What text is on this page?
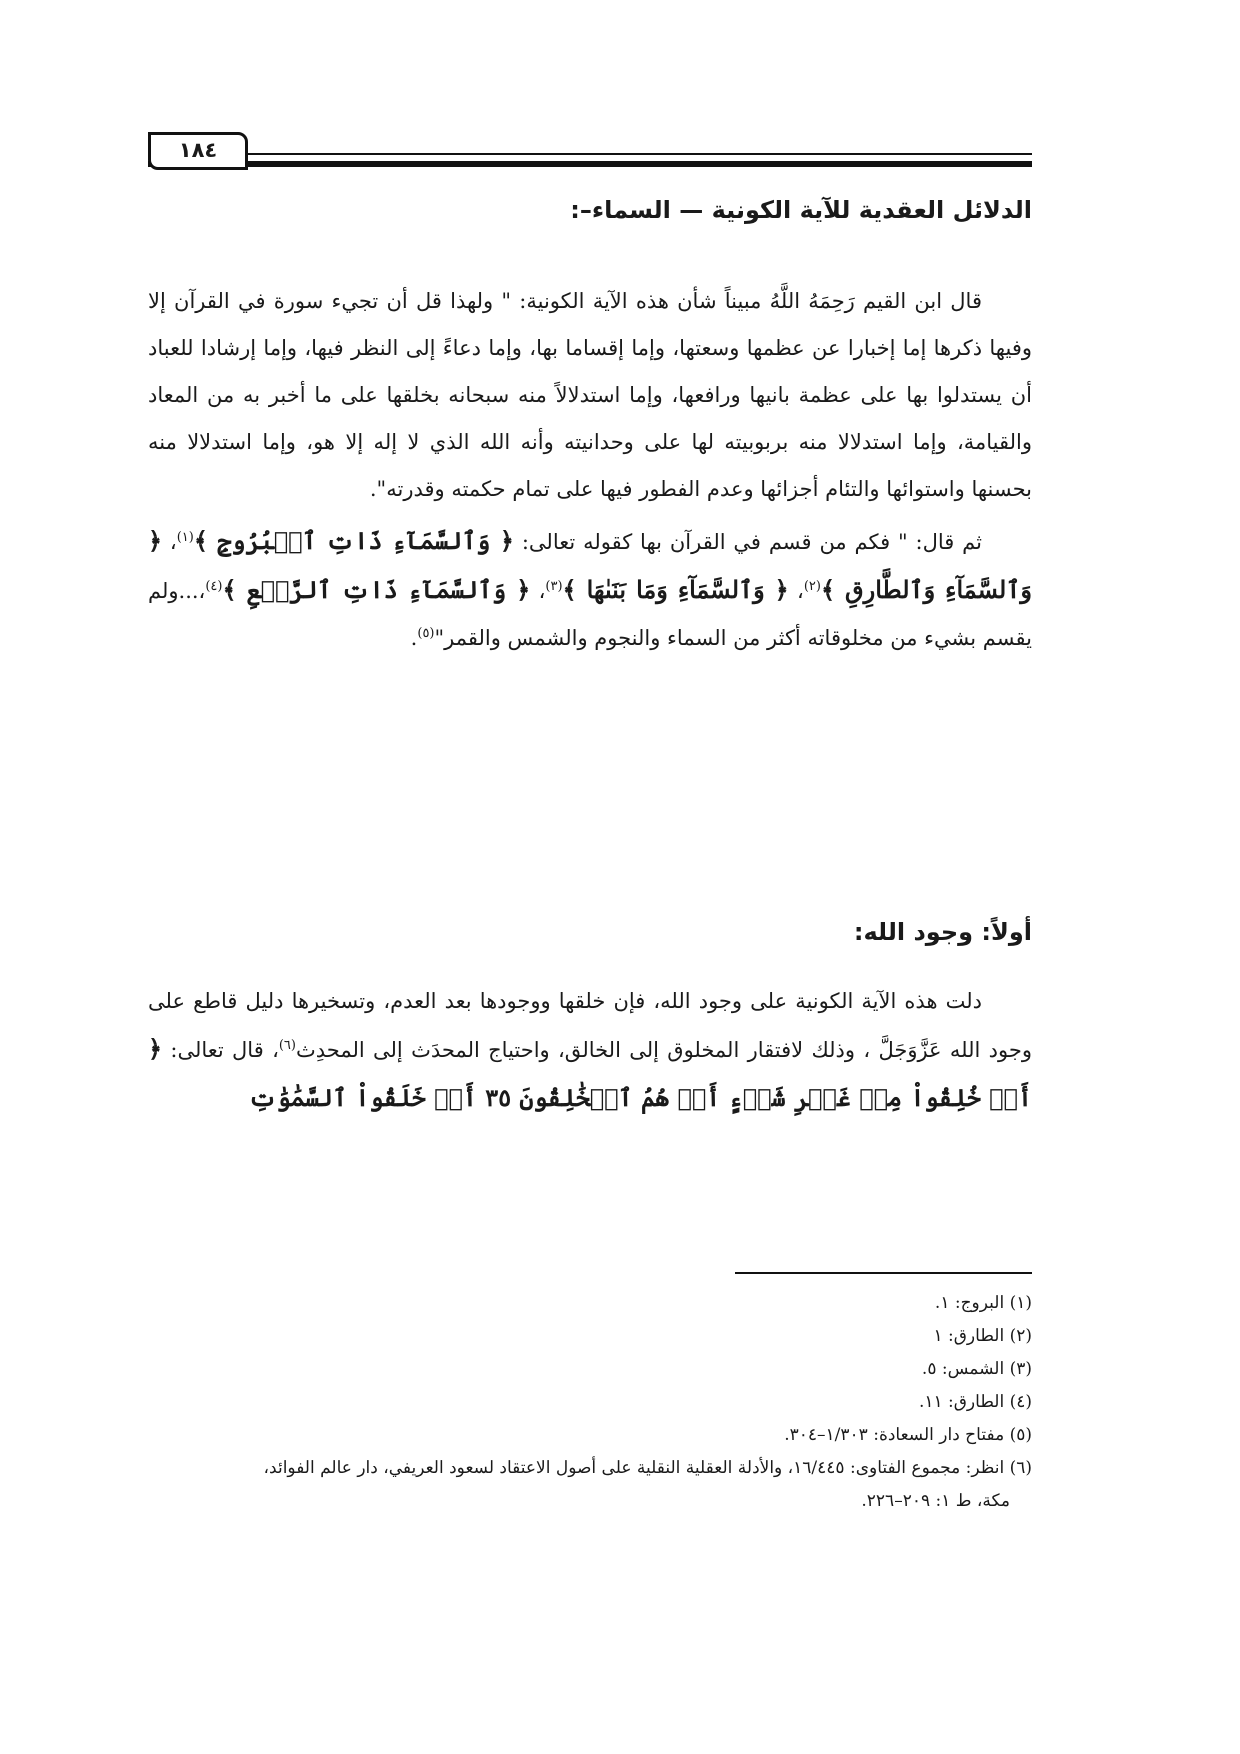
١٨٤
الدلائل العقدية للآية الكونية — السماء–:

قال ابن القيم رَحِمَهُ اللَّهُ مبيناً شأن هذه الآية الكونية: " ولهذا قل أن تجيء سورة في القرآن إلا وفيها ذكرها إما إخبارا عن عظمها وسعتها، وإما إقساما بها، وإما دعاءً إلى النظر فيها، وإما إرشادا للعباد أن يستدلوا بها على عظمة بانيها ورافعها، وإما استدلالاً منه سبحانه بخلقها على ما أخبر به من المعاد والقيامة، وإما استدلالا منه بربوبيته لها على وحدانيته وأنه الله الذي لا إله إلا هو، وإما استدلالا منه بحسنها واستوائها والتئام أجزائها وعدم الفطور فيها على تمام حكمته وقدرته".

ثم قال: " فكم من قسم في القرآن بها كقوله تعالى: ﴿ وَٱلسَّمَآءِ ذَاتِ ٱلۡبُرُوجِ ﴾$^{(١)}$، ﴿ وَٱلسَّمَآءِ وَٱلطَّارِقِ ﴾$^{(٢)}$، ﴿ وَٱلسَّمَآءِ وَمَا بَنَىٰهَا ﴾$^{(٣)}$، ﴿ وَٱلسَّمَآءِ ذَاتِ ٱلرَّجۡعِ ﴾$^{(٤)}$،...ولم يقسم بشيء من مخلوقاته أكثر من السماء والنجوم والشمس والقمر"$^{(٥)}$.

أولاً: وجود الله:

دلت هذه الآية الكونية على وجود الله، فإن خلقها ووجودها بعد العدم، وتسخيرها دليل قاطع على وجود الله عَزَّوَجَلَّ ، وذلك لافتقار المخلوق إلى الخالق، واحتياج المحدَث إلى المحدِث$^{(٦)}$، قال تعالى: ﴿ أَمۡ خُلِقُواْ مِنۡ غَيۡرِ شَيۡءٍ أَمۡ هُمُ ٱلۡخَٰلِقُونَ ٣٥ أَمۡ خَلَقُواْ ٱلسَّمَٰوَٰتِ

(١) البروج: ١.

(٢) الطارق: ١

(٣) الشمس: ٥.

(٤) الطارق: ١١.

(٥) مفتاح دار السعادة: ١/٣٠٣–٣٠٤.

(٦) انظر: مجموع الفتاوى: ١٦/٤٤٥، والأدلة العقلية النقلية على أصول الاعتقاد لسعود العريفي، دار عالم الفوائد،

مكة، ط ١: ٢٠٩–٢٢٦.
